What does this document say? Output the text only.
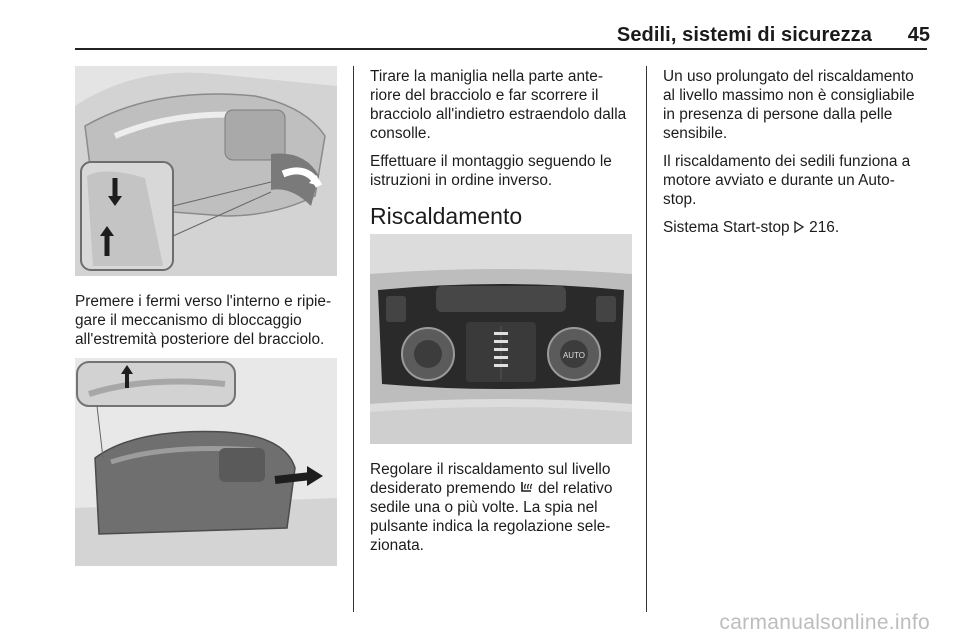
Sedili, sistemi di sicurezza 45
Premere i fermi verso l'interno e ripie-gare il meccanismo di bloccaggio all'estremità posteriore del bracciolo.

Tirare la maniglia nella parte ante-riore del bracciolo e far scorrere il bracciolo all'indietro estraendolo dalla consolle.

Effettuare il montaggio seguendo le istruzioni in ordine inverso.

Riscaldamento
AUTO
Regolare il riscaldamento sul livello desiderato premendo  del relativo sedile una o più volte. La spia nel pulsante indica la regolazione sele-zionata.

Un uso prolungato del riscaldamento al livello massimo non è consigliabile in presenza di persone dalla pelle sensibile.

Il riscaldamento dei sedili funziona a motore avviato e durante un Auto-stop.

Sistema Start-stop 216.

carmanualsonline.info
